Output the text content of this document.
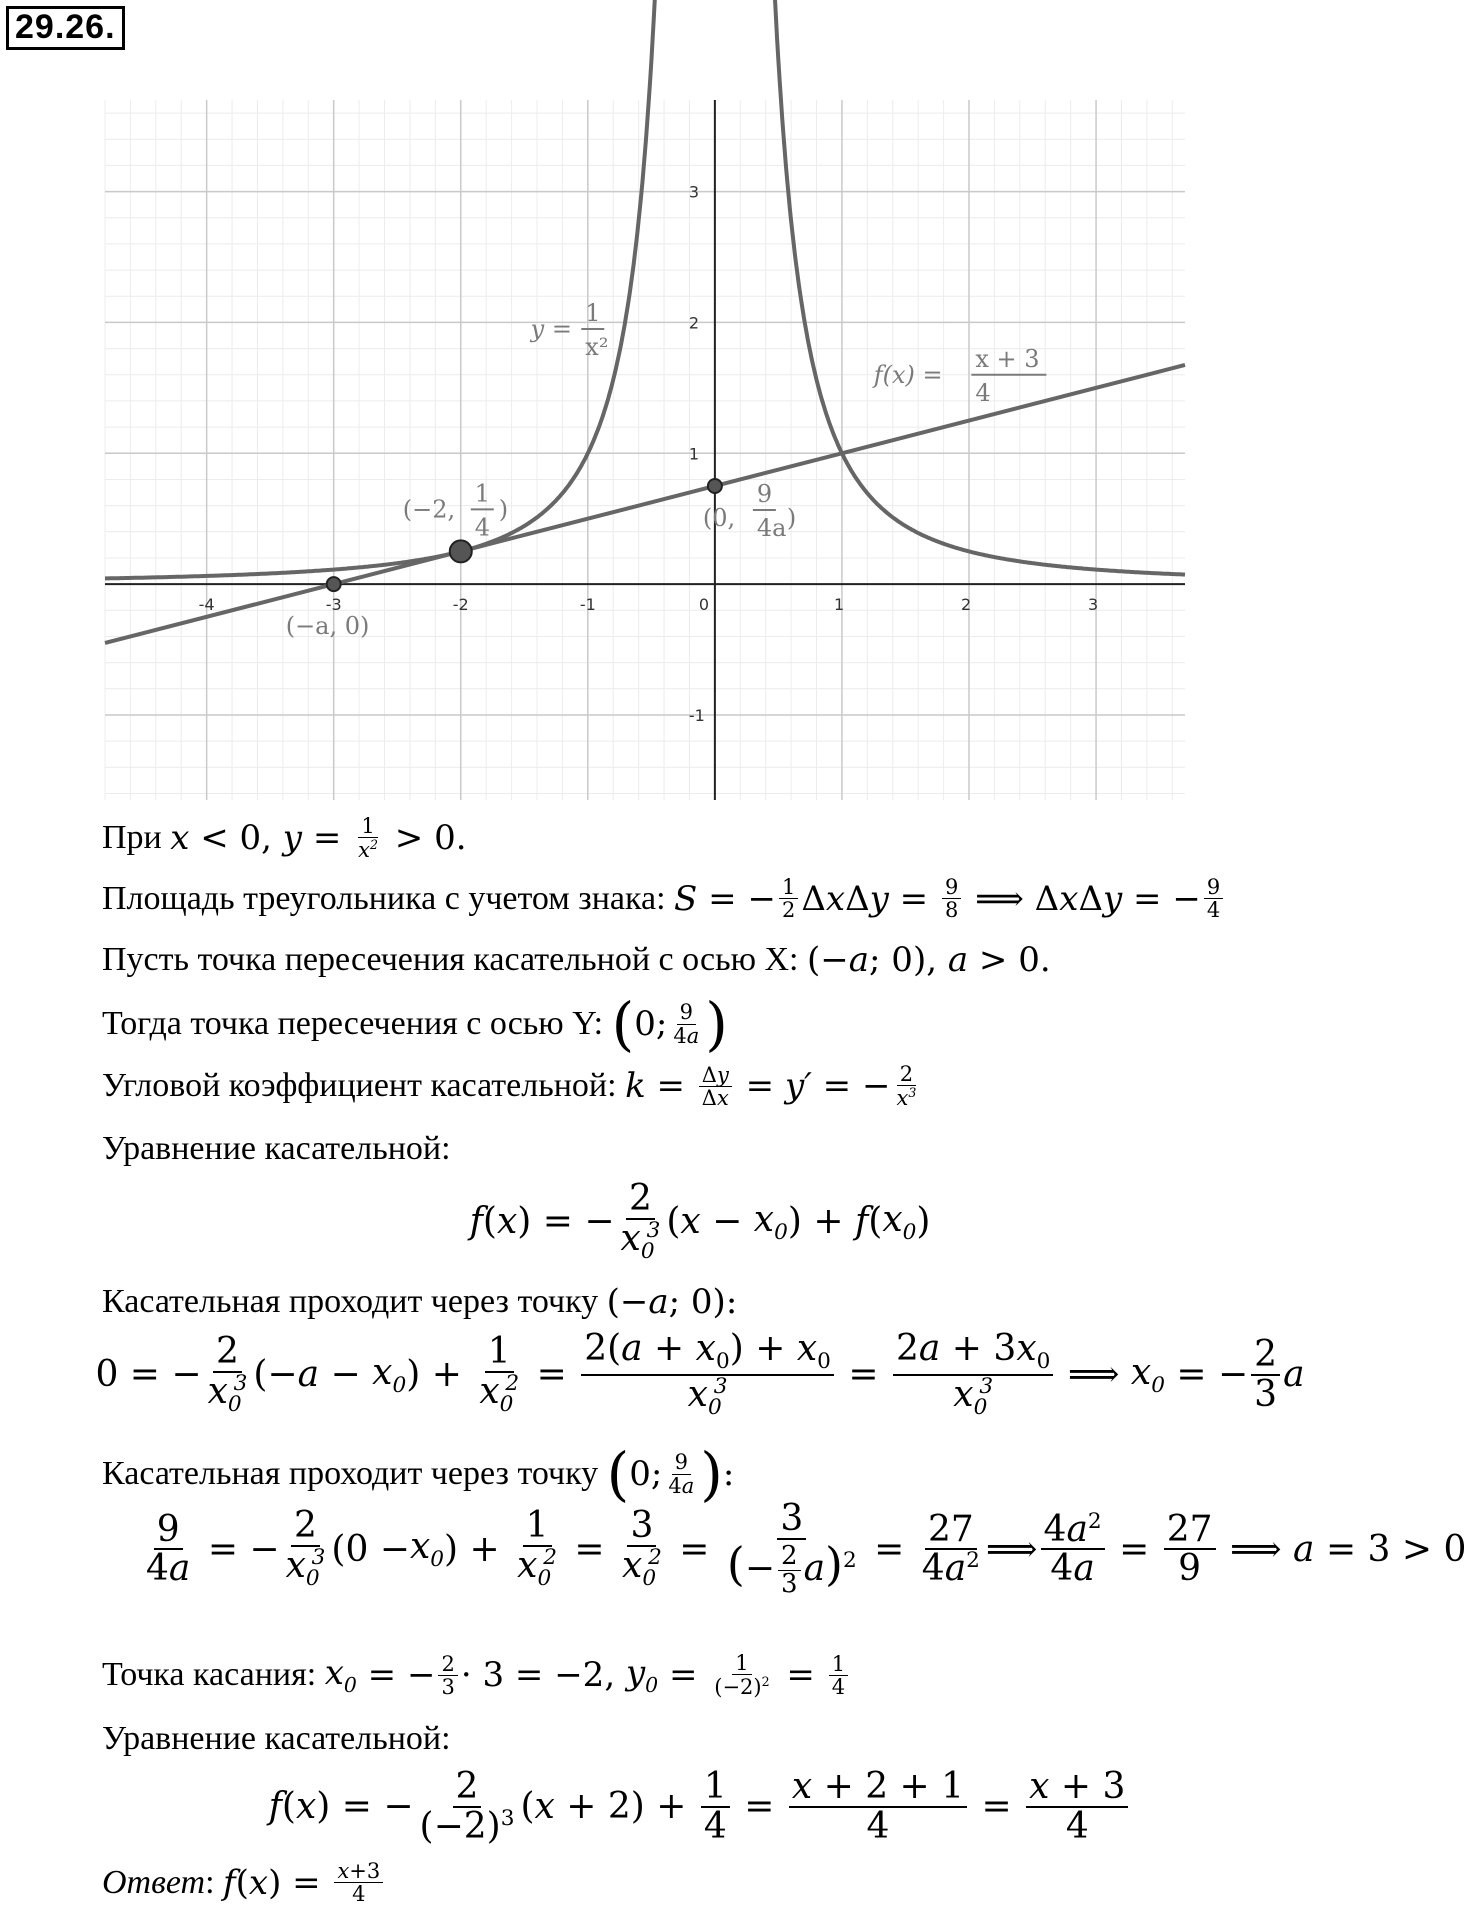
29.26.
-4	-3	-2	-1	0	1	2	3
-1
1
2
3
(−a, 0)
(−2,
1
4
)	(0,
9
4a )
y =
1
x²
f(x) =
x + 3
4
При
x < 0, $y = \frac{1}{x^2} > 0$.
Площадь треугольника с учетом знака:
S = − $\frac{1}{2}$ Δ x Δ $y = \frac{9}{8}$ ⟹ Δ x Δ y = − $\frac{9}{4}$
Пусть точка пересечения касательной с осью X:
(− a ; 0), a > 0.
Тогда точка пересечения с осью Y:
( 0; $\frac{9}{4a}$ )
Угловой коэффициент касательной:
$k = \frac{\Delta y}{\Delta x} = y'$ = − $\frac{2}{x^3}$
Уравнение касательной:
f ( x ) = − $\frac{2}{x_0^3}$ ( $x - x_0$ ) + f ( $x_0$ )
Касательная проходит через точку
(− a ; 0):
0 = − $\frac{2}{x_0^3}$ (− $a - x_0$ ) + $\frac{1}{x_0^2} = \frac{2(a + x_0) + x_0}{x_0^3} = \frac{2a + 3x_0}{x_0^3}$ ⟹ $x_0$ = − $\frac{2}{3}$ a
Касательная проходит через точку
( 0; $\frac{9}{4a}$ ) :
$\frac{9}{4a}$ = − $\frac{2}{x_0^3} (0 - x_0$ ) + $\frac{1}{x_0^2} = \frac{3}{x_0^2} = \frac{3}{(- \frac{2}{3} a)^2} = \frac{27}{4a^2}$ ⟹ $\frac{4a^2}{4a} = \frac{27}{9}$ ⟹ a = 3 > 0
Точка касания:
$x_0$ = − $\frac{2}{3} \cdot 3 = -2$, $y_0 = \frac{1}{(-2)^2} = \frac{1}{4}$
Уравнение касательной:
f ( x ) = − $\frac{2}{(-2)^3}$ ( $x + 2) + \frac{1}{4} = \frac{x + 2 + 1}{4} = \frac{x + 3}{4}$
Ответ : f ( x ) = $\frac{x+3}{4}$
